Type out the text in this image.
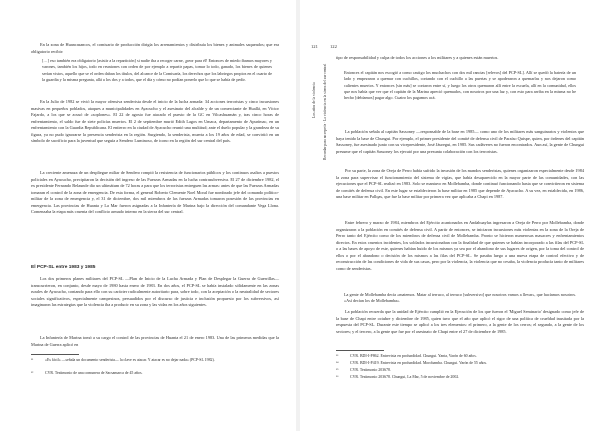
En la zona de Huancasancos, el comisario de producción dirigía los arrenamientos y distribuía los bienes y animales saqueados; que era obligatorio recibir:

[…] eso también era obligatorio [asistir a la repartición] si nadie iba a recoger carne, ¡peor para él! Entonces de miedo íbamos mayores y varones, también los hijos, todo en reuniones con orden de por ejemplo a repartir papas, tomar lo todo, ganado, los bienes de quienes serían vistos, aquello que se el orden daban los títulos, del alcance de la Comisaría, los derechos que los labriegos propios en el cuarto de la guardia y la misma pregunta, allá a los dos y a todos, que el día y cómo no podían ponerlo que lo que se había de pedir.

En la Julio de 1982 se vivió la mayor ofensiva senderista desde el inicio de la lucha armada: 34 acciones terroristas y cinco incursiones masivas en pequeños poblados, ataques a municipalidades en Ayacucho y el asesinato del alcalde y de un comerciante de Huallá, en Víctor Fajardo, a los que se acusó de «soplones». El 22 de agosto fue atacado el puesto de la GC en Vilcashuamán y, tras cinco horas de enfrentamiento, el saldo fue de siete policías muertos. El 2 de septiembre murió Edith Lagos en Umaca, departamento de Apurímac, en un enfrentamiento con la Guardia Republicana. El entierro en la ciudad de Ayacucho reunió una multitud; ante el duelo popular y la grandeza de su figura, ya no pudo ignorarse la presencia senderista en la región. Surgiendo, la senderista, muerta a los 19 años de edad, se convirtió en un símbolo de sacrificio para la juventud que seguía a Sendero Luminoso, de icono en la región del sur central del país.

La creciente amenaza de un despliegue miliar de Sendero rompió la resistencia de funcionarios públicos y los continuos asaltos a puestos policiales en Ayacucho, precipitaron la decisión del ingreso de las Fuerzas Armadas en la lucha contrasubversiva. El 27 de diciembre 1982, el ex presidente Fernando Belaunde dio un ultimátum de 72 horas a para que los terroristas entreguen las armas: antes de que las Fuerzas Armadas tomaran el control de la zona de emergencia. De esta forma, el general Roberto Clemente Noel Moral fue nombrado jefe del comando político-militar de la zona de emergencia y, el 31 de diciembre, dos mil miembros de las fuerzas Armadas tomaron posesión de las provincias en emergencia. Las provincias de Huanta y La Mar fueron asignadas a la Infantería de Marina bajo la dirección del comandante Vega Llona. Comenzaba la etapa más cruenta del conflicto armado interno en la sierra del sur central.

El PCP-SL entre 1983 y 1985

Los dos primeros planes militares del PCP-SL —Plan de Inicio de la Lucha Armada y Plan de Desplegar la Guerra de Guerrillas— transcurrieron, en conjunto, desde mayo de 1980 hasta enero de 1983. En dos años, el PCP-SL se había instalado sólidamente en las zonas rurales de Ayacucho, contando para ello con su carácter radicalmente autoritario para, sobre todo, con la aceptación o la neutralidad de sectores sociales significativos, especialmente campesinos, persuadidos por el discurso de justicia e inclusión propuesto por los subversivos, así imaginaron las estrategias que la violencia iba a producir en su zona y las vidas en los años siguientes.

La Infantería de Marina tomó a su cargo el control de las provincias de Huanta el 21 de enero 1983. Una de las primeras medidas que la Marina de Guerra aplicó en

¹¹	«Es fácil» —señala un documento senderista— la clave es atacar. Y atacar es no dejar nada» (PCP-SL 1982).
¹²	CVR. Testimonio de una comunera de Sacsamarca de 45 años.
121	122
Los años de la violencia Recordar para no repetir · La violencia en la sierra del sur central

tipo de responsabilidad y culpa de todos los acciones a los militares y a quienes están muertos.

Entonces el capitán nos escogió a como castigo los muchachos con dos mil rancias [relevos] del PCP-SL]. Allí se quedó la batería de un lado y empezaron a quemar con cuchillos, cortando con el cuchillo a las puertas y se apoderaron a quemarlas y nos dejaron como calientes muertos. Y entonces [sin más] se cortaron entre sí, y luego los otros quemaron allí entre la escuela, allí en la comunidad, ellos que nos había que ver que el capitán de la Marina apreció quemados, con nosotros por una luz y, con esto para arriba en la misma no he hecho [debíamos] pagar algo. Cuatro los pagamos acá.

La población señala al capitán Sassoney —responsable de la base en 1985— como uno de los militares más sanguinarios y violentos que haya tenido la base de Chungui. Por ejemplo, el primer presidente del comité de defensa civil de Paraíso Quispe, quien, por órdenes del capitán Sassoney, fue asesinado junto con su vicepresidente, José Jáuregui, en 1985. Sus cadáveres no fueron encontrados. Aun así, la gente de Chungui presume que el capitán Sassoney los ejecutó por una presunta colaboración con los terroristas.

Por su parte, la zona de Oreja de Perro había sufrido la invasión de los mandos senderistas, quienes organizaron especialmente desde 1984 la zona para supervisar el funcionamiento del sistema de vigías, que había desaparecido en la mayor parte de las comunidades, con las ejecuciones que el PCP-SL realizó en 1983. Solo se mantuvo en Mollebamba, donde continuó funcionando hasta que se convirtieron en sistema de comités de defensa civil. En este lugar se establecieron la base militar en 1985 que depende de Ayacucho. A su vez, en establecida, en 1986, una base militar en Pallqas, que fue la base militar por primera vez que aplicaba a Chapi en 1987.

Entre febrero y marzo de 1984, miembros del Ejército acantonados en Andahuaylas ingresaron a Oreja de Perro por Mollebamba, donde organizaron a la población en comités de defensa civil. A partir de entonces, se iniciaron incursiones más violentas en la zona de la Oreja de Perro tanto del Ejército como de los miembros de defensa civil de Mollebamba. Pronto se hicieron numerosas masacres y enfrentamientos directos. En estos cruentos incidentes, los soldados incursionaban con la finalidad de que quienes se habían incorporado a las filas del PCP-SL o a las bases de apoyo de este, quienes habían huido de los mismos ya sea por el abandono de sus lugares de origen, por la toma del control de ellos o por el abandono o decisión de los mismos a las filas del PCP-SL. Se pasaba luego a una nueva etapa de control efectivo y de reconstrucción de las condiciones de vida de sus casas, pero por la violencia, la violencia que no cesaba, la violencia producía tanto de militares como de senderistas.

La gente de Mollebamba decía «matemos. Matar al terruco, al terruco [subversivo] que nosotros vamos a llevar», que hacíamos nosotros. «Así decían los de Mollebamba».

La población recuerda que la unidad de Ejército cumplió en la Ejecución de los que fueron el 'Miguel Seminario' designado como jefe de la base de Chapi entre octubre y diciembre de 1985, quien tuvo que el año que aplicó el rigor de una política de crueldad inusitada por la respuesta del PCP-SL. Durante este tiempo se aplicó a los tres elementos: el primero, a la gente de los cerros; el segundo, a la gente de los sectores; y el tercero, a la gente que fue por el asesinato de Chapi entre el 27 de diciembre de 1985.

¹³	CVR. BDI-I-P862. Entrevista en profundidad. Chungui. Yanta, Varón de 60 años.
¹⁴	CVR. BDI-I-P419. Entrevista en profundidad. Morobamba. Chungui. Varón de 55 años.
¹⁵	CVR. Testimonio 203678.
¹⁶	CVR. Testimonio 203678. Chungui, La Mar, 5 de noviembre de 2002.
